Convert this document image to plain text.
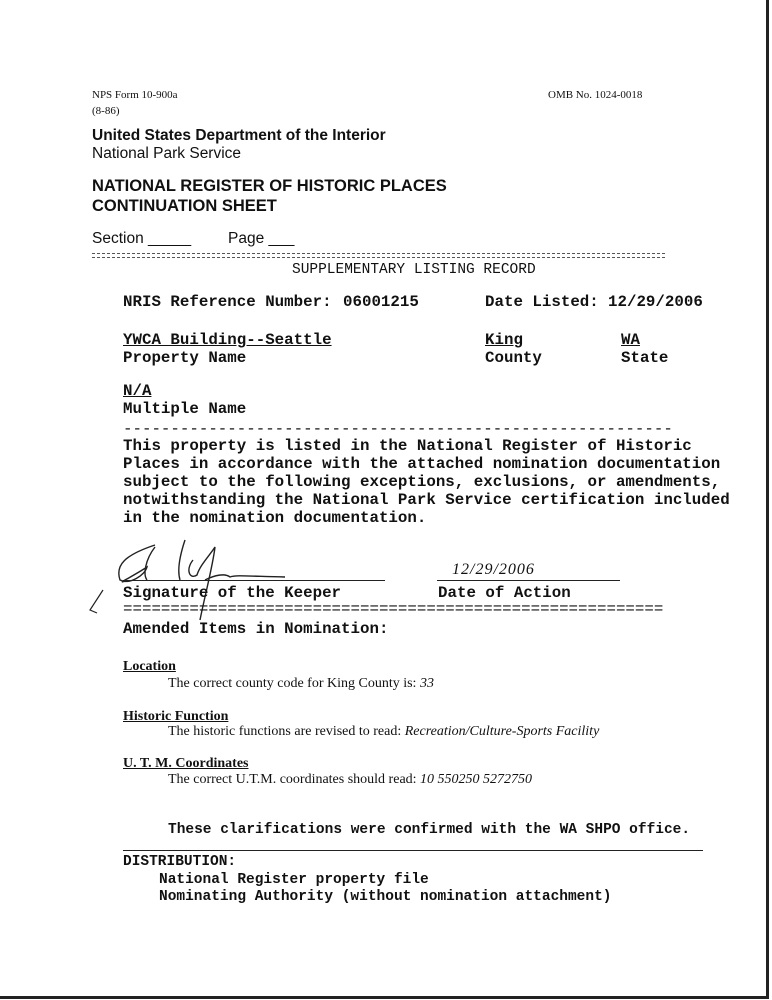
NPS Form 10-900a
(8-86)
OMB No. 1024-0018
United States Department of the Interior
National Park Service
NATIONAL REGISTER OF HISTORIC PLACES
CONTINUATION SHEET
Section _____ Page ___
SUPPLEMENTARY LISTING RECORD
NRIS Reference Number: 06001215	Date Listed: 12/29/2006
YWCA Building--Seattle	King	WA
Property Name	County	State
N/A
Multiple Name
----------------------------------------------------------
This property is listed in the National Register of Historic
Places in accordance with the attached nomination documentation
subject to the following exceptions, exclusions, or amendments,
notwithstanding the National Park Service certification included
in the nomination documentation.
12/29/2006
Signature of the Keeper	Date of Action
=========================================================
Amended Items in Nomination:
Location
The correct county code for King County is: 33
Historic Function
The historic functions are revised to read: Recreation/Culture-Sports Facility
U. T. M. Coordinates
The correct U.T.M. coordinates should read: 10 550250 5272750
These clarifications were confirmed with the WA SHPO office.
DISTRIBUTION:
National Register property file
Nominating Authority (without nomination attachment)
